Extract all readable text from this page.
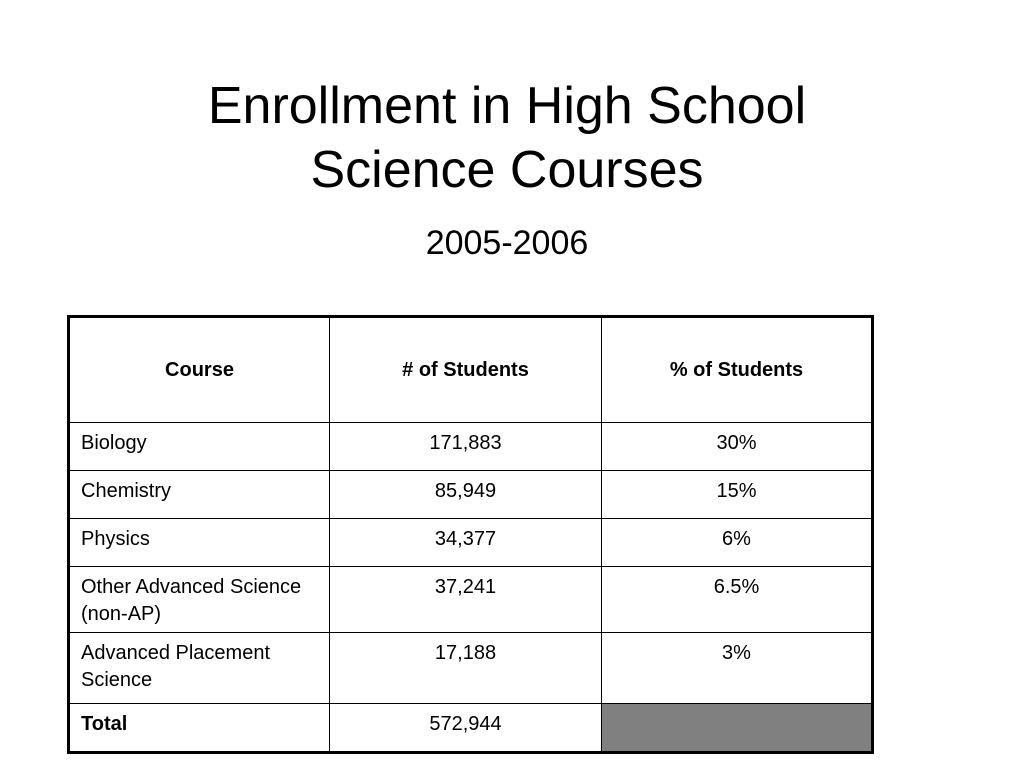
Enrollment in High School
Science Courses
2005-2006
Course	# of Students	% of Students
Biology	171,883	30%
Chemistry	85,949	15%
Physics	34,377	6%
Other Advanced Science (non-AP)	37,241	6.5%
Advanced Placement Science	17,188	3%
Total	572,944	
